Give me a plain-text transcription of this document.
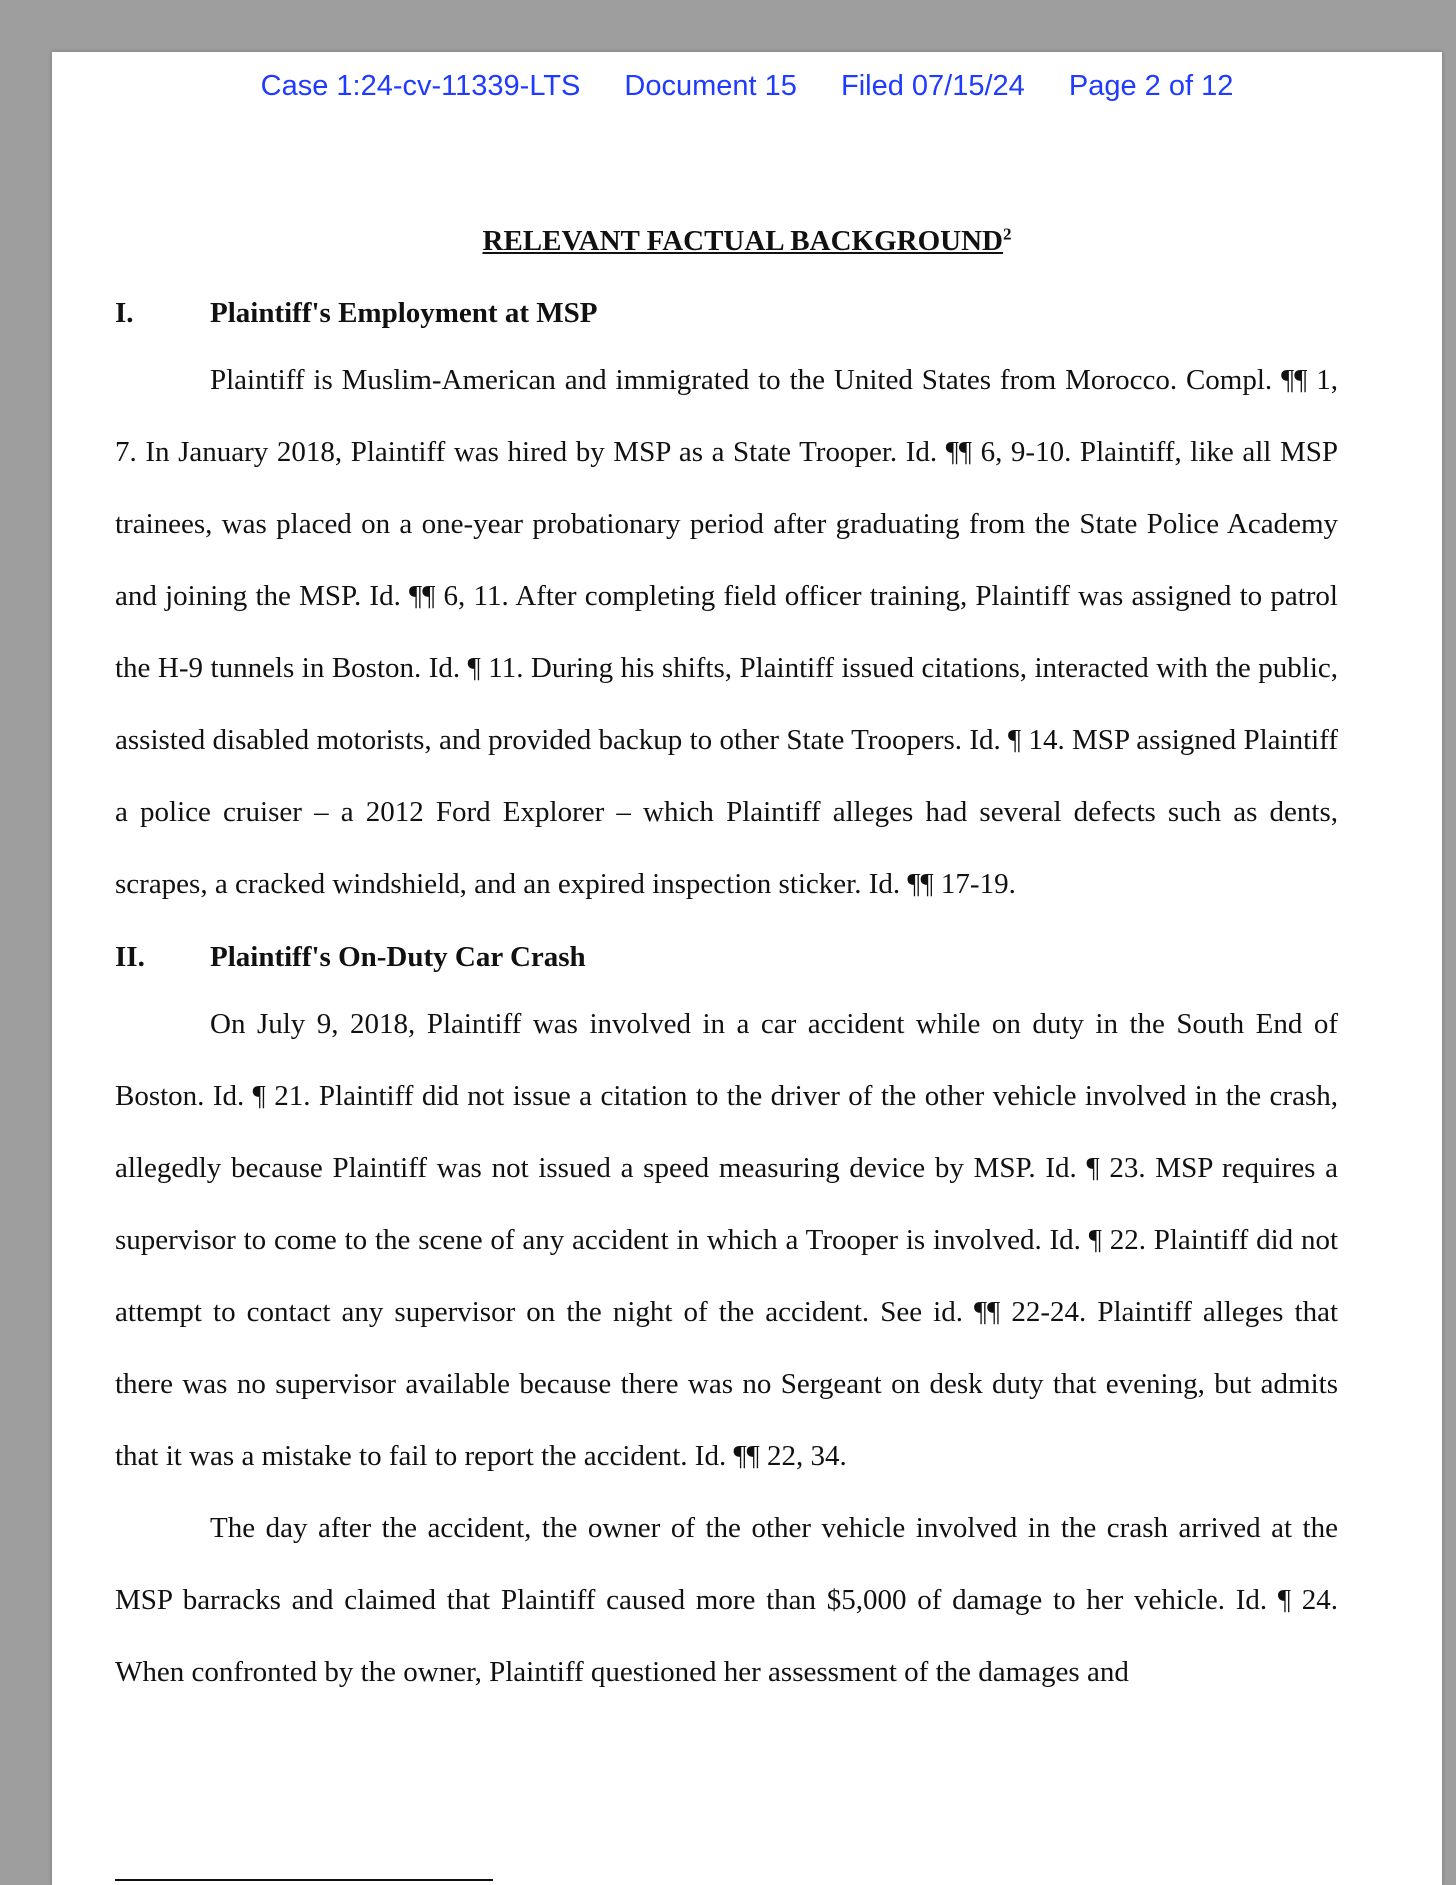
Case 1:24-cv-11339-LTS Document 15 Filed 07/15/24 Page 2 of 12
RELEVANT FACTUAL BACKGROUND$^2$
I.	Plaintiff's Employment at MSP

Plaintiff is Muslim-American and immigrated to the United States from Morocco. Compl. ¶¶ 1, 7. In January 2018, Plaintiff was hired by MSP as a State Trooper. Id. ¶¶ 6, 9-10. Plaintiff, like all MSP trainees, was placed on a one-year probationary period after graduating from the State Police Academy and joining the MSP. Id. ¶¶ 6, 11. After completing field officer training, Plaintiff was assigned to patrol the H-9 tunnels in Boston. Id. ¶ 11. During his shifts, Plaintiff issued citations, interacted with the public, assisted disabled motorists, and provided backup to other State Troopers. Id. ¶ 14. MSP assigned Plaintiff a police cruiser – a 2012 Ford Explorer – which Plaintiff alleges had several defects such as dents, scrapes, a cracked windshield, and an expired inspection sticker. Id. ¶¶ 17-19.

II. Plaintiff's On-Duty Car Crash

On July 9, 2018, Plaintiff was involved in a car accident while on duty in the South End of Boston. Id. ¶ 21. Plaintiff did not issue a citation to the driver of the other vehicle involved in the crash, allegedly because Plaintiff was not issued a speed measuring device by MSP. Id. ¶ 23. MSP requires a supervisor to come to the scene of any accident in which a Trooper is involved. Id. ¶ 22. Plaintiff did not attempt to contact any supervisor on the night of the accident. See id. ¶¶ 22-24. Plaintiff alleges that there was no supervisor available because there was no Sergeant on desk duty that evening, but admits that it was a mistake to fail to report the accident. Id. ¶¶ 22, 34.

The day after the accident, the owner of the other vehicle involved in the crash arrived at the MSP barracks and claimed that Plaintiff caused more than $5,000 of damage to her vehicle. Id. ¶ 24. When confronted by the owner, Plaintiff questioned her assessment of the damages and
